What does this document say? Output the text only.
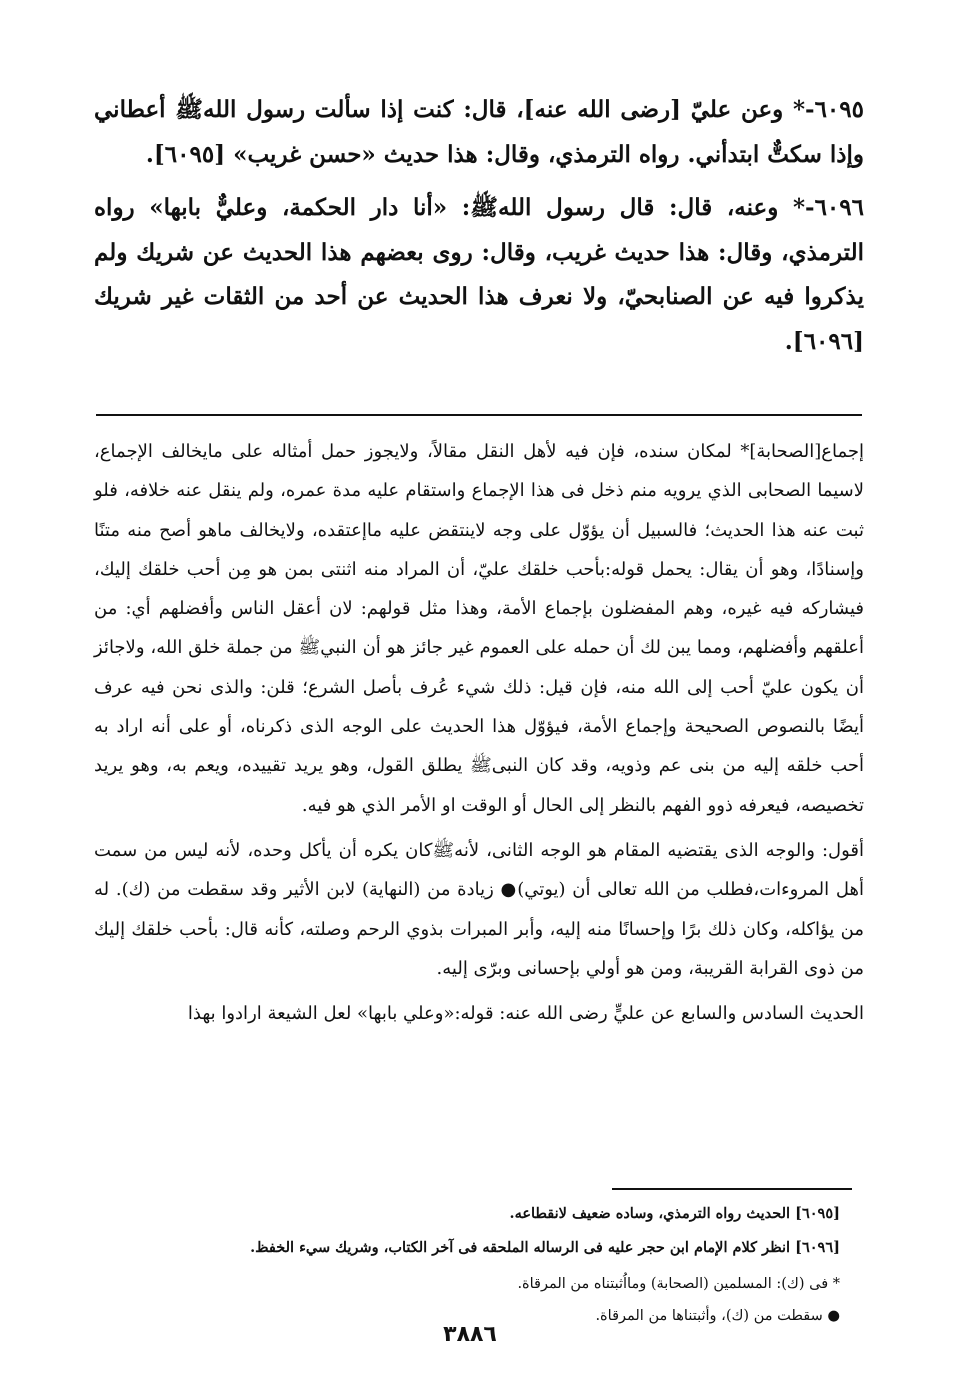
٦٠٩٥-* وعن عليّ [رضى الله عنه]، قال: كنت إذا سألت رسول اللهﷺ أعطاني وإذا سكتٌّ ابتدأني. رواه الترمذي، وقال: هذا حديث «حسن غريب» [٦٠٩٥].

٦٠٩٦-* وعنه، قال: قال رسول اللهﷺ: «أنا دار الحكمة، وعليٌّ بابها» رواه الترمذي، وقال: هذا حديث غريب، وقال: روى بعضهم هذا الحديث عن شريك ولم يذكروا فيه عن الصنابحيّ، ولا نعرف هذا الحديث عن أحد من الثقات غير شريك [٦٠٩٦].

إجماع[الصحابة]* لمكان سنده، فإن فيه لأهل النقل مقالاً، ولايجوز حمل أمثاله على مايخالف الإجماع، لاسيما الصحابى الذي يرويه منم ذخل فى هذا الإجماع واستقام عليه مدة عمره، ولم ينقل عنه خلافه، فلو ثبت عنه هذا الحديث؛ فالسبيل أن يؤوّل على وجه لاينتقض عليه ماإعتقده، ولايخالف ماهو أصح منه متنًا وإسنادًا، وهو أن يقال: يحمل قوله:بأحب خلقك عليّ، أن المراد منه اثنتى بمن هو مِن أحب خلقك إليك، فيشاركه فيه غيره، وهم المفضلون بإجماع الأمة، وهذا مثل قولهم: لان أعقل الناس وأفضلهم أي: من أعلقهم وأفضلهم، ومما يبن لك أن حمله على العموم غير جائز هو أن النبيﷺ من جملة خلق الله، ولاجائز أن يكون عليّ أحب إلى الله منه، فإن قيل: ذلك شيء عُرف بأصل الشرع؛ قلن: والذى نحن فيه عرف أيضًا بالنصوص الصحيحة وإجماع الأمة، فيؤوّل هذا الحديث على الوجه الذى ذكرناه، أو على أنه اراد به أحب خلقه إليه من بنى عم وذويه، وقد كان النبىﷺ يطلق القول، وهو يريد تقييده، ويعم به، وهو يريد تخصيصه، فيعرفه ذوو الفهم بالنظر إلى الحال أو الوقت او الأمر الذي هو فيه.

أقول: والوجه الذى يقتضيه المقام هو الوجه الثانى، لأنهﷺكان يكره أن يأكل وحده، لأنه ليس من سمت أهل المروءات،فطلب من الله تعالى أن (يوتي)● زيادة من (النهاية) لابن الأثير وقد سقطت من (ك). له من يؤاكله، وكان ذلك برًا وإحسانًا منه إليه، وأبر المبرات بذوي الرحم وصلته، كأنه قال: بأحب خلقك إليك من ذوى القرابة القريبة، ومن هو أولي بإحسانى وبرّى إليه.

الحديث السادس والسابع عن عليٍّ رضى الله عنه: قوله:«وعلي بابها» لعل الشيعة ارادوا بهذا

[٦٠٩٥] الحديث رواه الترمذي، وساده ضعيف لانقطاعه.

[٦٠٩٦] انظر كلام الإمام ابن حجر عليه فى الرساله الملحقه فى آخر الكتاب، وشريك سيء الخفظ.

* فى (ك): المسلمين (الصحابة) ومااُثبتناه من المرقاة.

● سقطت من (ك)، وأثبتناها من المرقاة.

٣٨٨٦
